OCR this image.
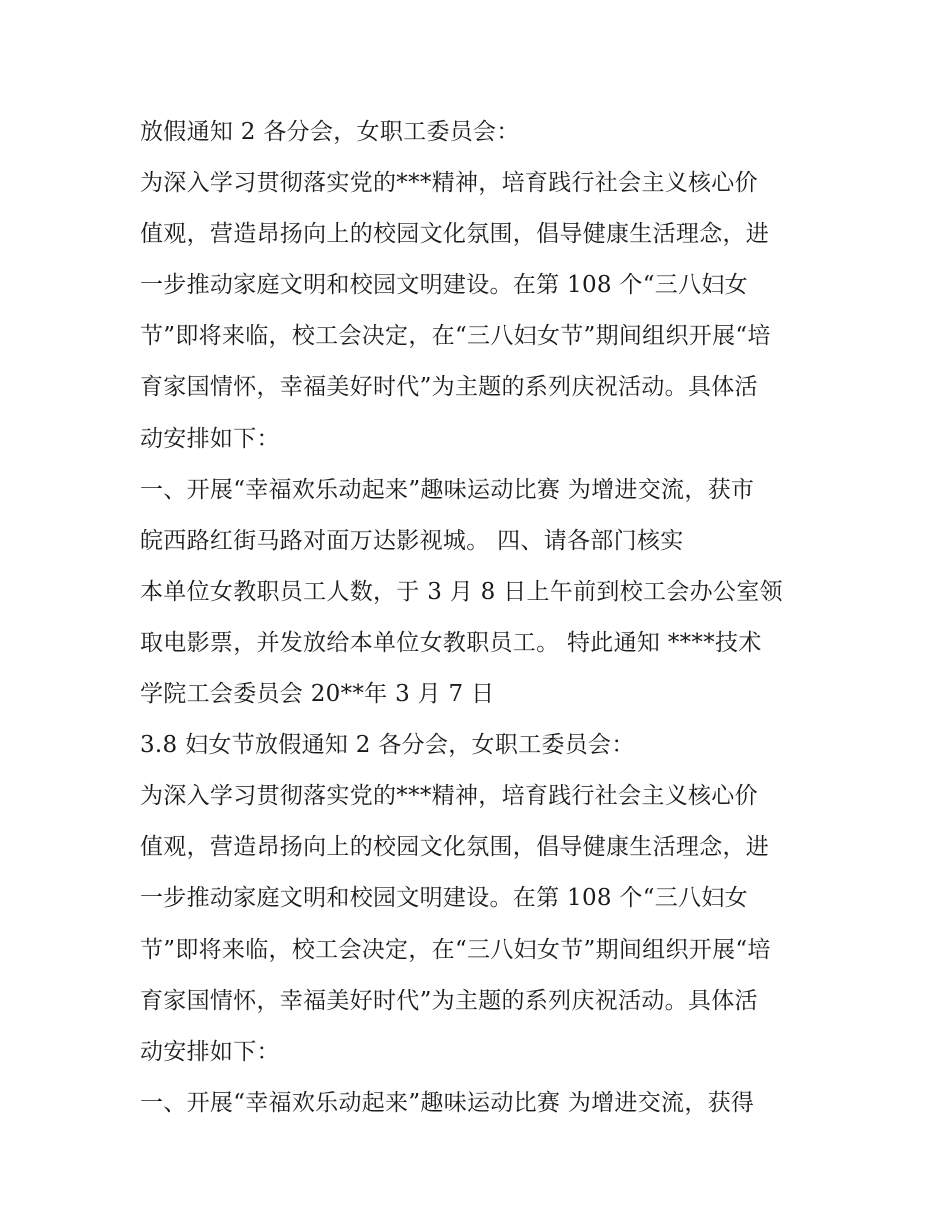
放假通知 2 各分会，女职工委员会：
为深入学习贯彻落实党的***精神，培育践行社会主义核心价
值观，营造昂扬向上的校园文化氛围，倡导健康生活理念，进
一步推动家庭文明和校园文明建设。在第 108 个“三八妇女
节”即将来临，校工会决定，在“三八妇女节”期间组织开展“培
育家国情怀，幸福美好时代”为主题的系列庆祝活动。具体活
动安排如下：
一、开展“幸福欢乐动起来”趣味运动比赛 为增进交流，获市
皖西路红街马路对面万达影视城。 四、请各部门核实
本单位女教职员工人数，于 3 月 8 日上午前到校工会办公室领
取电影票，并发放给本单位女教职员工。 特此通知 ****技术
学院工会委员会 20**年 3 月 7 日
3.8 妇女节放假通知 2 各分会，女职工委员会：
为深入学习贯彻落实党的***精神，培育践行社会主义核心价
值观，营造昂扬向上的校园文化氛围，倡导健康生活理念，进
一步推动家庭文明和校园文明建设。在第 108 个“三八妇女
节”即将来临，校工会决定，在“三八妇女节”期间组织开展“培
育家国情怀，幸福美好时代”为主题的系列庆祝活动。具体活
动安排如下：
一、开展“幸福欢乐动起来”趣味运动比赛 为增进交流，获得
